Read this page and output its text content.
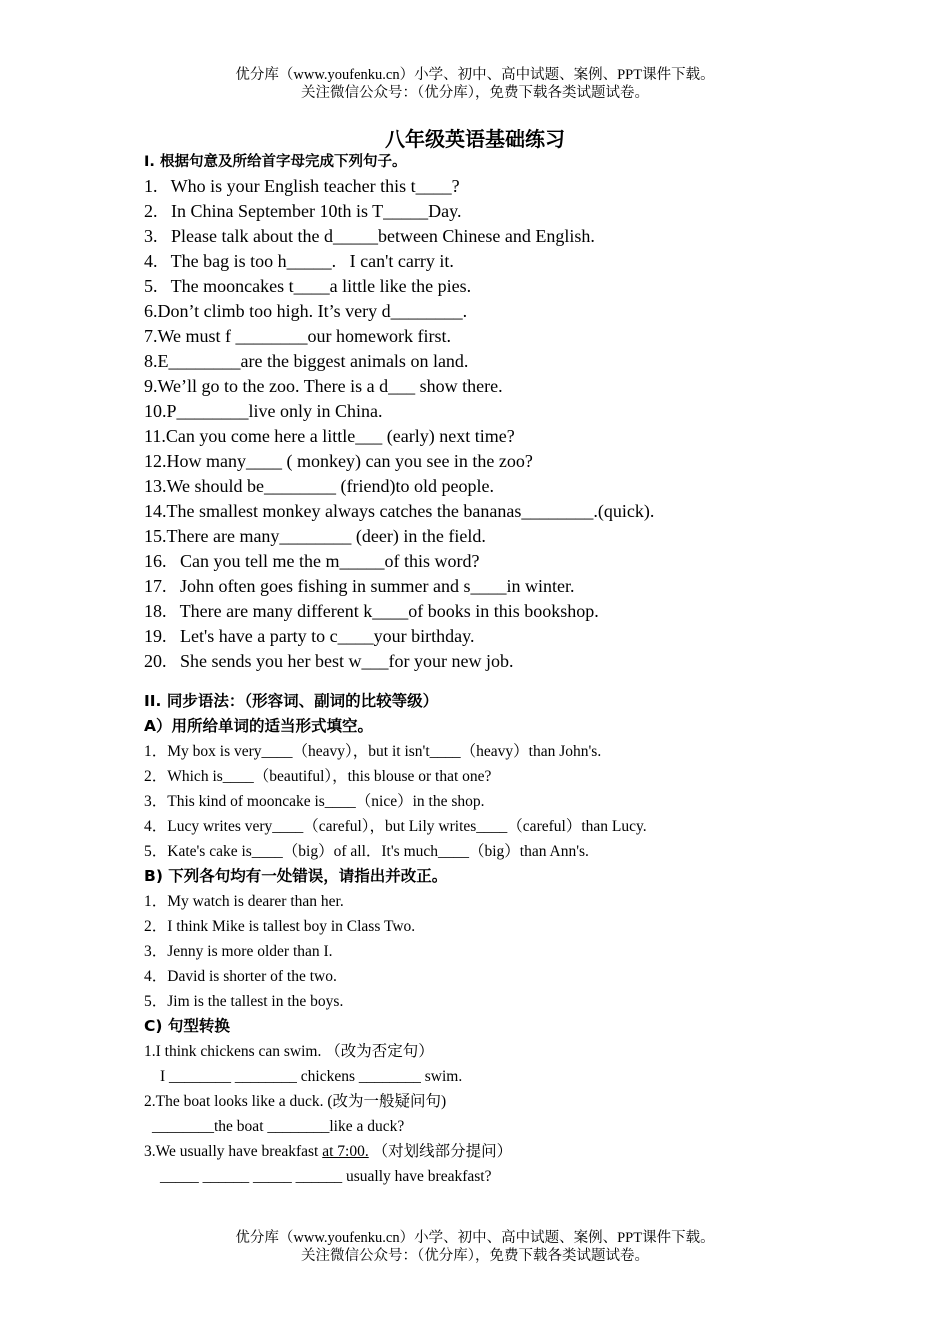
优分库（www.youfenku.cn）小学、初中、高中试题、案例、PPT课件下载。
关注微信公众号：（优分库），免费下载各类试题试卷。
八年级英语基础练习
Ⅰ. 根据句意及所给首字母完成下列句子。
1.   Who is your English teacher this t____?
2.   In China September 10th is T_____Day.
3.   Please talk about the d_____between Chinese and English.
4.   The bag is too h_____.   I can't carry it.
5.   The mooncakes t____a little like the pies.
6.Don’t climb too high. It’s very d________.
7.We must f ________our homework first.
8.E________are the biggest animals on land.
9.We’ll go to the zoo. There is a d___ show there.
10.P________live only in China.
11.Can you come here a little___ (early) next time?
12.How many____ ( monkey) can you see in the zoo?
13.We should be________ (friend)to old people.
14.The smallest monkey always catches the bananas________.(quick).
15.There are many________ (deer) in the field.
16.   Can you tell me the m_____of this word?
17.   John often goes fishing in summer and s____in winter.
18.   There are many different k____of books in this bookshop.
19.   Let's have a party to c____your birthday.
20.   She sends you her best w___for your new job.
II. 同步语法：（形容词、副词的比较等级）
A）用所给单词的适当形式填空。
1．My box is very____（heavy），but it isn't____（heavy）than John's.
2．Which is____（beautiful），this blouse or that one?
3．This kind of mooncake is____（nice）in the shop.
4．Lucy writes very____（careful），but Lily writes____（careful）than Lucy.
5．Kate's cake is____（big）of all．It's much____（big）than Ann's.
B) 下列各句均有一处错误，请指出并改正。
1．My watch is dearer than her.
2．I think Mike is tallest boy in Class Two.
3．Jenny is more older than I.
4．David is shorter of the two.
5．Jim is the tallest in the boys.
C) 句型转换
1.I think chickens can swim. （改为否定句）
I ________ ________ chickens ________ swim.
2.The boat looks like a duck. (改为一般疑问句)
________the boat ________like a duck?
3.We usually have breakfast at 7:00. （对划线部分提问）
_____ ______ _____ ______ usually have breakfast?
优分库（www.youfenku.cn）小学、初中、高中试题、案例、PPT课件下载。
关注微信公众号：（优分库），免费下载各类试题试卷。
